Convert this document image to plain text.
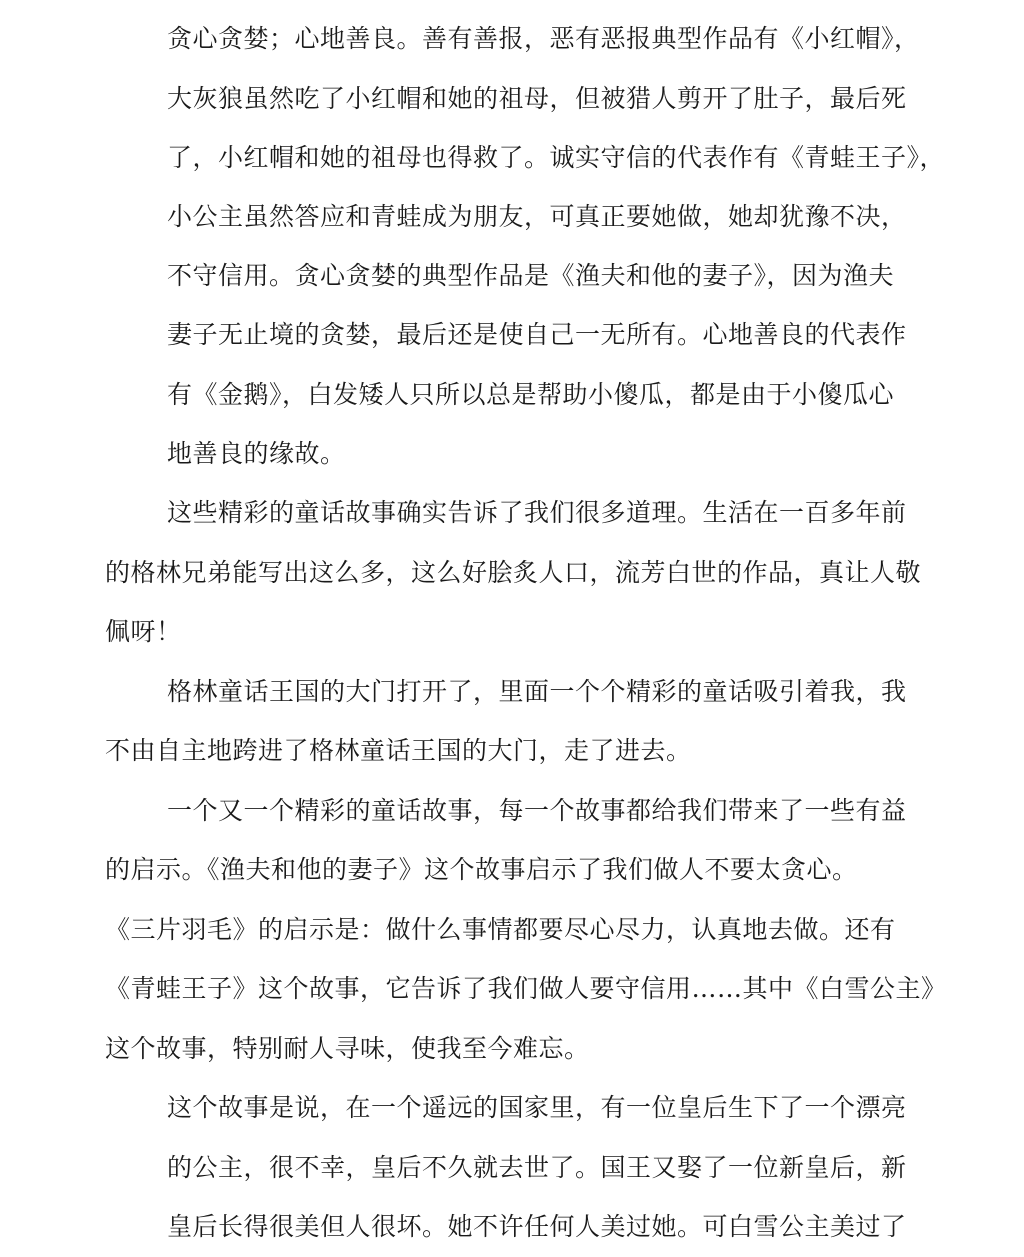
贪心贪婪；心地善良。善有善报，恶有恶报典型作品有《小红帽》，
大灰狼虽然吃了小红帽和她的祖母，但被猎人剪开了肚子，最后死
了，小红帽和她的祖母也得救了。诚实守信的代表作有《青蛙王子》，
小公主虽然答应和青蛙成为朋友，可真正要她做，她却犹豫不决，
不守信用。贪心贪婪的典型作品是《渔夫和他的妻子》，因为渔夫
妻子无止境的贪婪，最后还是使自己一无所有。心地善良的代表作
有《金鹅》，白发矮人只所以总是帮助小傻瓜，都是由于小傻瓜心
地善良的缘故。
这些精彩的童话故事确实告诉了我们很多道理。生活在一百多年前
的格林兄弟能写出这么多，这么好脍炙人口，流芳白世的作品，真让人敬
佩呀！
格林童话王国的大门打开了，里面一个个精彩的童话吸引着我，我
不由自主地跨进了格林童话王国的大门，走了进去。
一个又一个精彩的童话故事，每一个故事都给我们带来了一些有益
的启示。《渔夫和他的妻子》这个故事启示了我们做人不要太贪心。
《三片羽毛》的启示是：做什么事情都要尽心尽力，认真地去做。还有
《青蛙王子》这个故事，它告诉了我们做人要守信用……其中《白雪公主》
这个故事，特别耐人寻味，使我至今难忘。
这个故事是说，在一个遥远的国家里，有一位皇后生下了一个漂亮
的公主，很不幸，皇后不久就去世了。国王又娶了一位新皇后，新
皇后长得很美但人很坏。她不许任何人美过她。可白雪公主美过了
